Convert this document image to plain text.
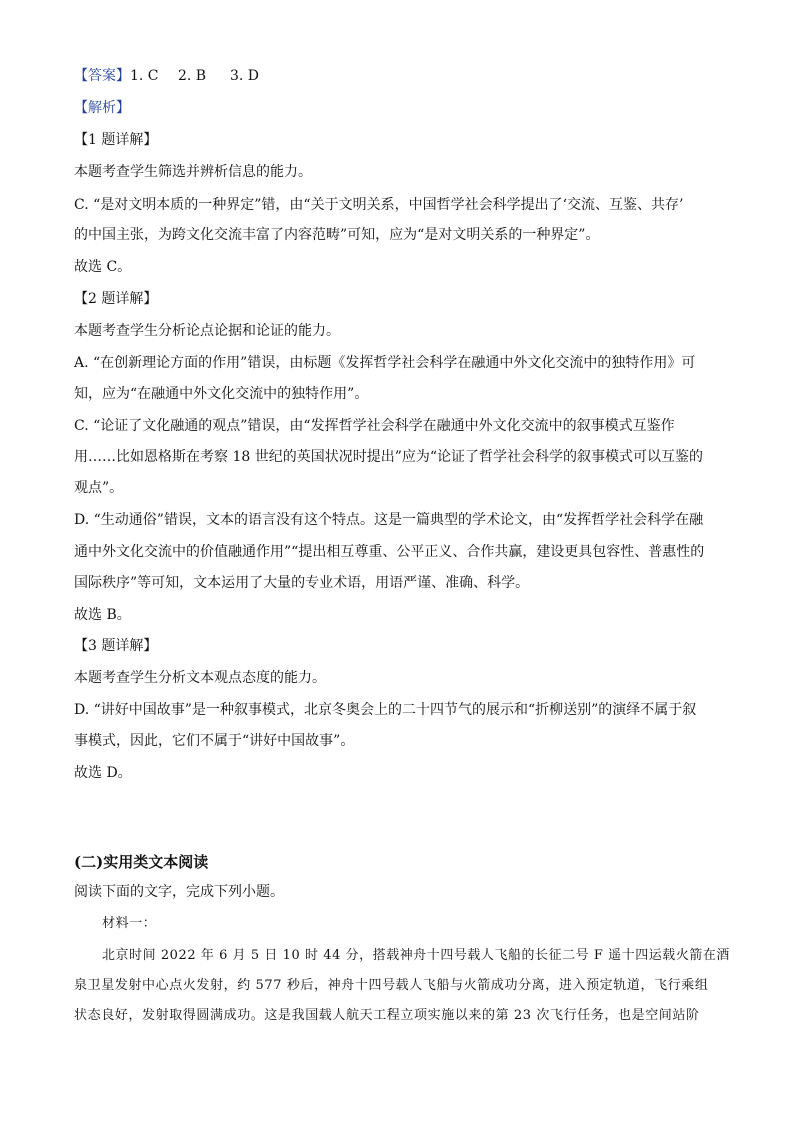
【答案】1. C 2. B 3. D
【解析】
【1 题详解】
本题考查学生筛选并辨析信息的能力。
C. “是对文明本质的一种界定”错，由“关于文明关系，中国哲学社会科学提出了‘交流、互鉴、共存’
的中国主张，为跨文化交流丰富了内容范畴”可知，应为“是对文明关系的一种界定”。
故选 C。
【2 题详解】
本题考查学生分析论点论据和论证的能力。
A. “在创新理论方面的作用”错误，由标题《发挥哲学社会科学在融通中外文化交流中的独特作用》可
知，应为“在融通中外文化交流中的独特作用”。
C. “论证了文化融通的观点”错误，由“发挥哲学社会科学在融通中外文化交流中的叙事模式互鉴作
用……比如恩格斯在考察 18 世纪的英国状况时提出”应为“论证了哲学社会科学的叙事模式可以互鉴的
观点”。
D. “生动通俗”错误，文本的语言没有这个特点。这是一篇典型的学术论文，由“发挥哲学社会科学在融
通中外文化交流中的价值融通作用”“提出相互尊重、公平正义、合作共赢，建设更具包容性、普惠性的
国际秩序”等可知，文本运用了大量的专业术语，用语严谨、准确、科学。
故选 B。
【3 题详解】
本题考查学生分析文本观点态度的能力。
D. “讲好中国故事”是一种叙事模式，北京冬奥会上的二十四节气的展示和“折柳送别”的演绎不属于叙
事模式，因此，它们不属于“讲好中国故事”。
故选 D。
(二)实用类文本阅读
阅读下面的文字，完成下列小题。
材料一：
北京时间 2022 年 6 月 5 日 10 时 44 分，搭载神舟十四号载人飞船的长征二号 F 遥十四运载火箭在酒
泉卫星发射中心点火发射，约 577 秒后，神舟十四号载人飞船与火箭成功分离，进入预定轨道，飞行乘组
状态良好，发射取得圆满成功。这是我国载人航天工程立项实施以来的第 23 次飞行任务，也是空间站阶
